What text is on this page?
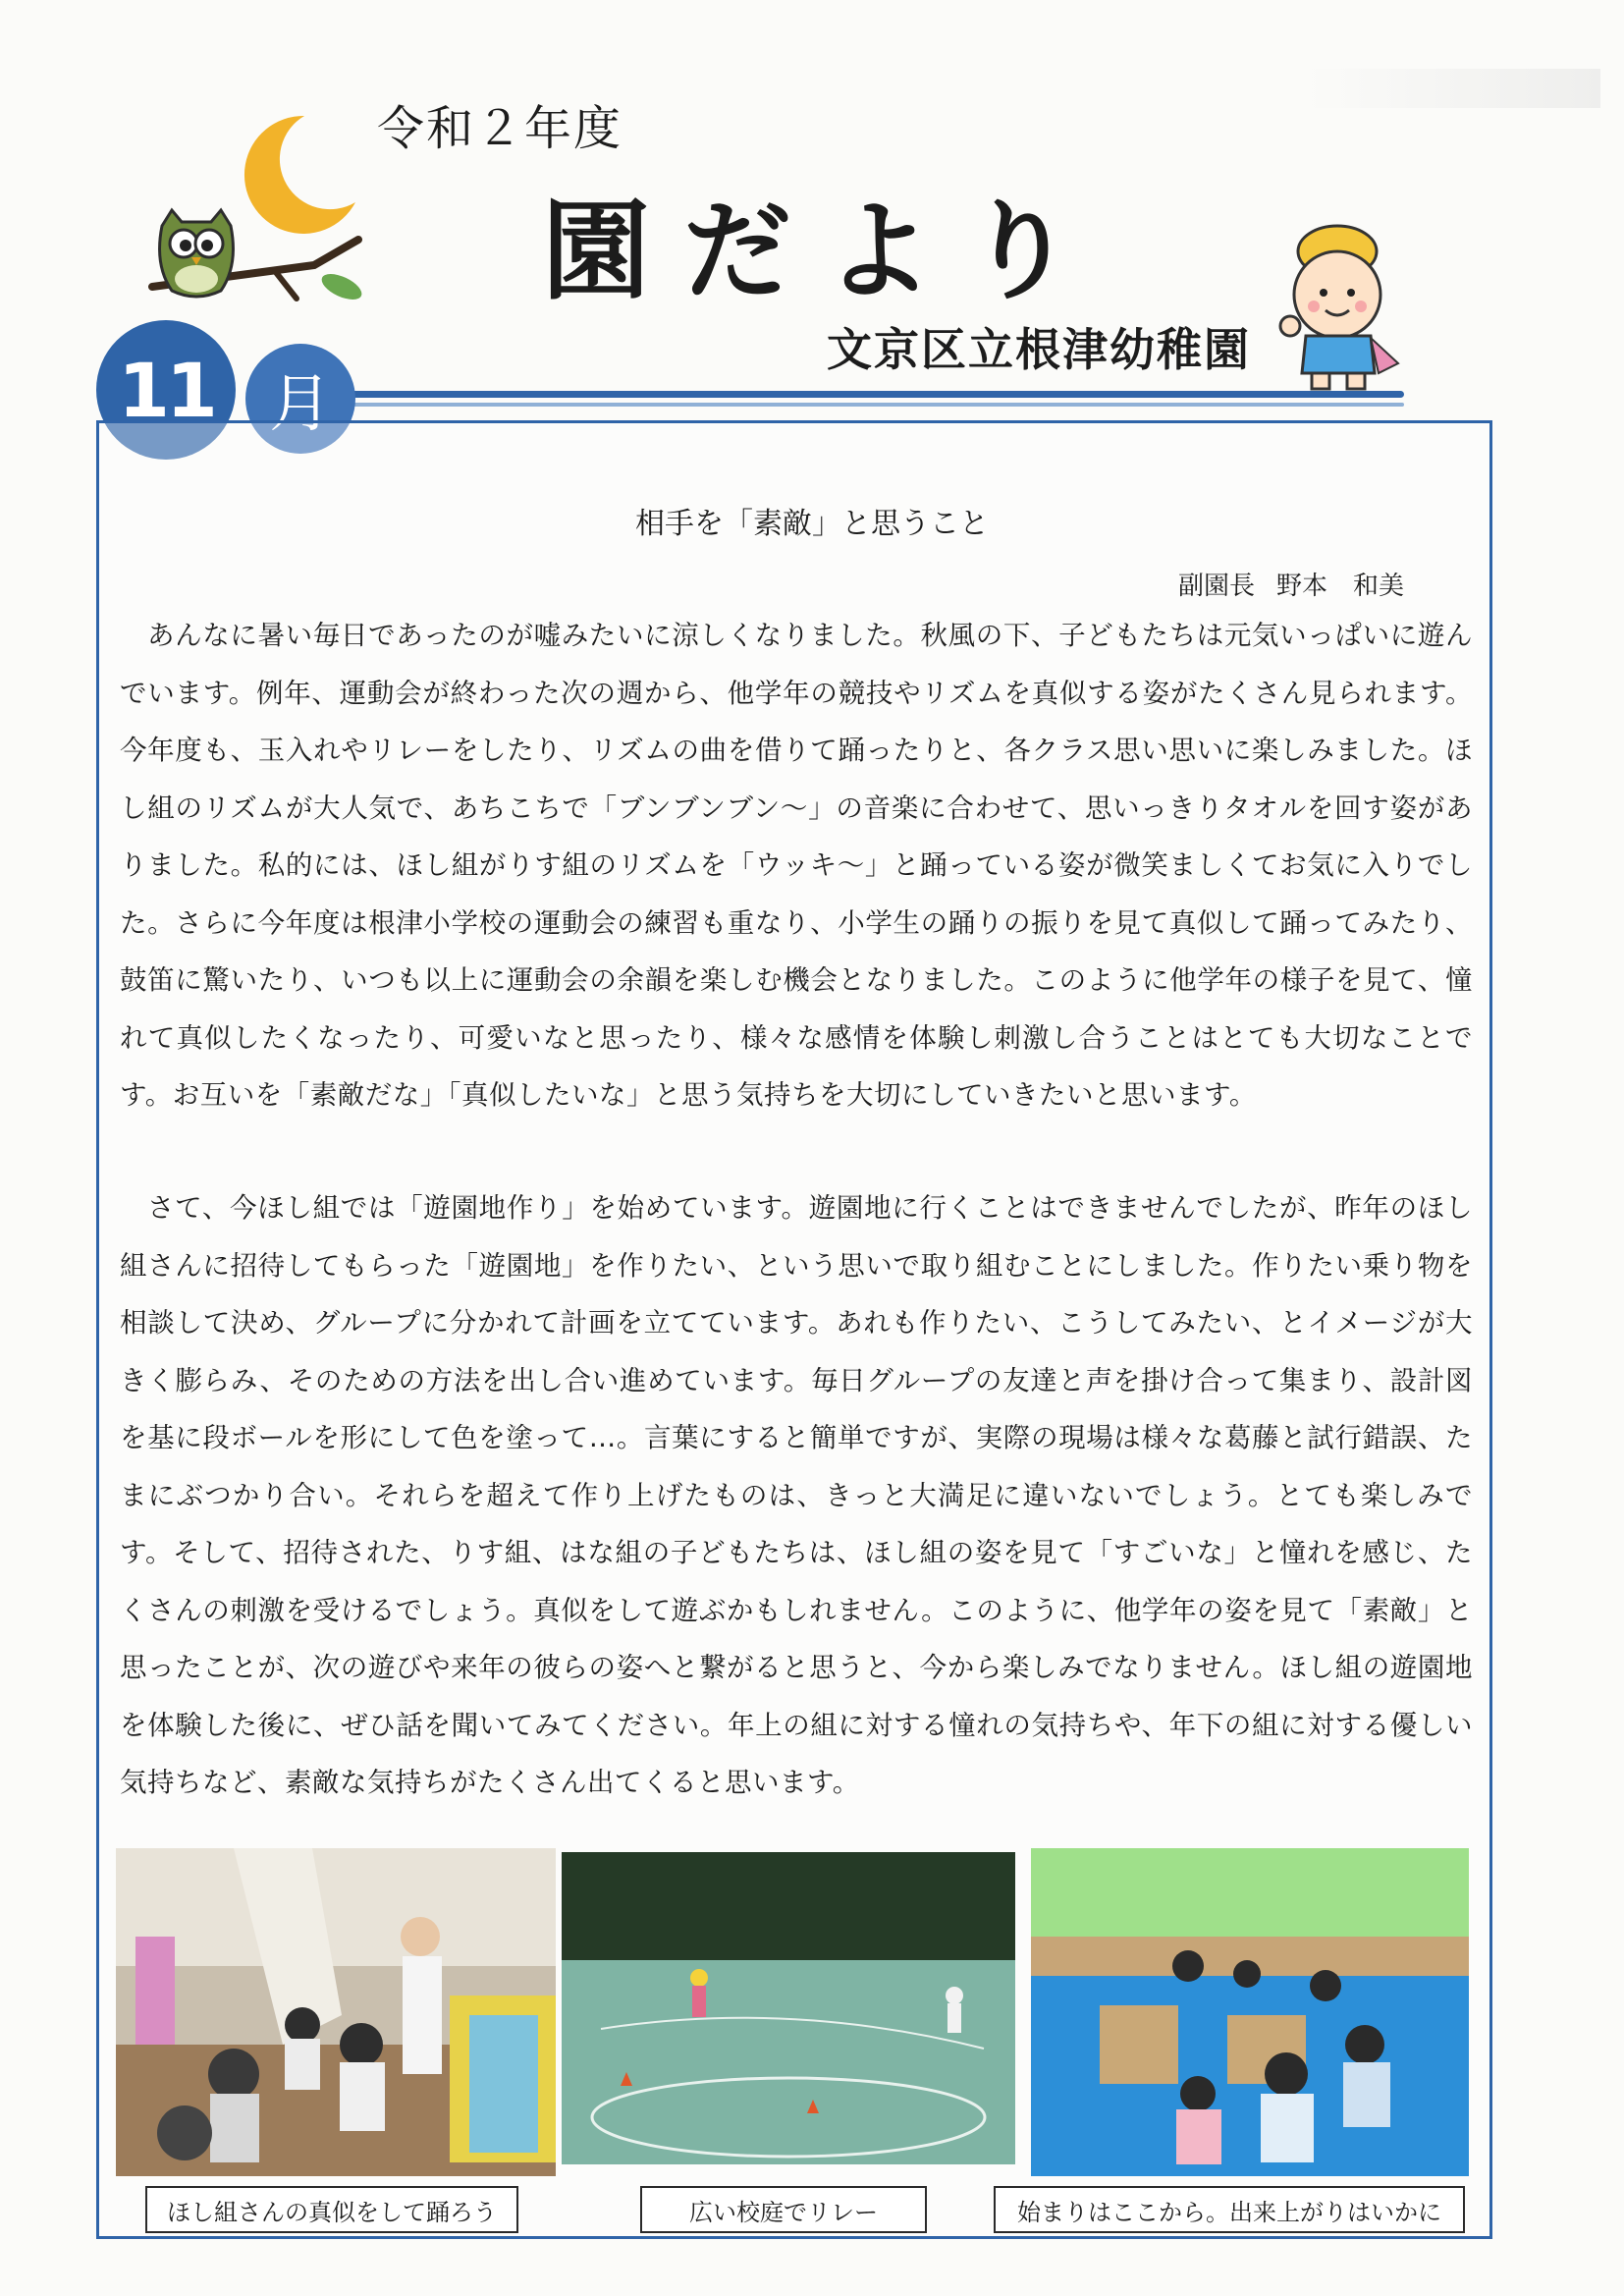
令和２年度
園だより
文京区立根津幼稚園
11 月
相手を「素敵」と思うこと
副園長 野本　和美
あんなに暑い毎日であったのが嘘みたいに涼しくなりました。秋風の下、子どもたちは元気いっぱいに遊んでいます。例年、運動会が終わった次の週から、他学年の競技やリズムを真似する姿がたくさん見られます。今年度も、玉入れやリレーをしたり、リズムの曲を借りて踊ったりと、各クラス思い思いに楽しみました。ほし組のリズムが大人気で、あちこちで「ブンブンブン～」の音楽に合わせて、思いっきりタオルを回す姿がありました。私的には、ほし組がりす組のリズムを「ウッキ～」と踊っている姿が微笑ましくてお気に入りでした。さらに今年度は根津小学校の運動会の練習も重なり、小学生の踊りの振りを見て真似して踊ってみたり、鼓笛に驚いたり、いつも以上に運動会の余韻を楽しむ機会となりました。このように他学年の様子を見て、憧れて真似したくなったり、可愛いなと思ったり、様々な感情を体験し刺激し合うことはとても大切なことです。お互いを「素敵だな」「真似したいな」と思う気持ちを大切にしていきたいと思います。
さて、今ほし組では「遊園地作り」を始めています。遊園地に行くことはできませんでしたが、昨年のほし組さんに招待してもらった「遊園地」を作りたい、という思いで取り組むことにしました。作りたい乗り物を相談して決め、グループに分かれて計画を立てています。あれも作りたい、こうしてみたい、とイメージが大きく膨らみ、そのための方法を出し合い進めています。毎日グループの友達と声を掛け合って集まり、設計図を基に段ボールを形にして色を塗って…。言葉にすると簡単ですが、実際の現場は様々な葛藤と試行錯誤、たまにぶつかり合い。それらを超えて作り上げたものは、きっと大満足に違いないでしょう。とても楽しみです。そして、招待された、りす組、はな組の子どもたちは、ほし組の姿を見て「すごいな」と憧れを感じ、たくさんの刺激を受けるでしょう。真似をして遊ぶかもしれません。このように、他学年の姿を見て「素敵」と思ったことが、次の遊びや来年の彼らの姿へと繋がると思うと、今から楽しみでなりません。ほし組の遊園地を体験した後に、ぜひ話を聞いてみてください。年上の組に対する憧れの気持ちや、年下の組に対する優しい気持ちなど、素敵な気持ちがたくさん出てくると思います。
ほし組さんの真似をして踊ろう	広い校庭でリレー	始まりはここから。出来上がりはいかに
